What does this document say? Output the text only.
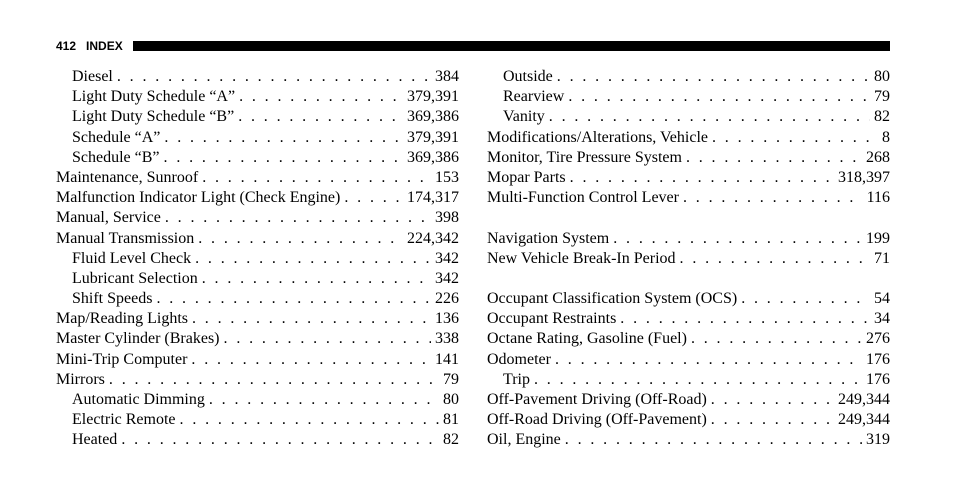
412 INDEX
Diesel . . .	384
Light Duty Schedule “A” . . .	379,391
Light Duty Schedule “B” . . .	369,386
Schedule “A” . . .	379,391
Schedule “B” . . .	369,386
Maintenance, Sunroof . . .	153
Malfunction Indicator Light (Check Engine) . . .	174,317
Manual, Service . . .	398
Manual Transmission . . .	224,342
Fluid Level Check . . .	342
Lubricant Selection . . .	342
Shift Speeds . . .	226
Map/Reading Lights . . .	136
Master Cylinder (Brakes) . . .	338
Mini-Trip Computer . . .	141
Mirrors . . .	79
Automatic Dimming . . .	80
Electric Remote . . .	81
Heated . . .	82
Outside . . .	80
Rearview . . .	79
Vanity . . .	82
Modifications/Alterations, Vehicle . . .	8
Monitor, Tire Pressure System . . .	268
Mopar Parts . . .	318,397
Multi-Function Control Lever . . .	116
Navigation System . . .	199
New Vehicle Break-In Period . . .	71
Occupant Classification System (OCS) . . .	54
Occupant Restraints . . .	34
Octane Rating, Gasoline (Fuel) . . .	276
Odometer . . .	176
Trip . . .	176
Off-Pavement Driving (Off-Road) . . .	249,344
Off-Road Driving (Off-Pavement) . . .	249,344
Oil, Engine . . .	319
